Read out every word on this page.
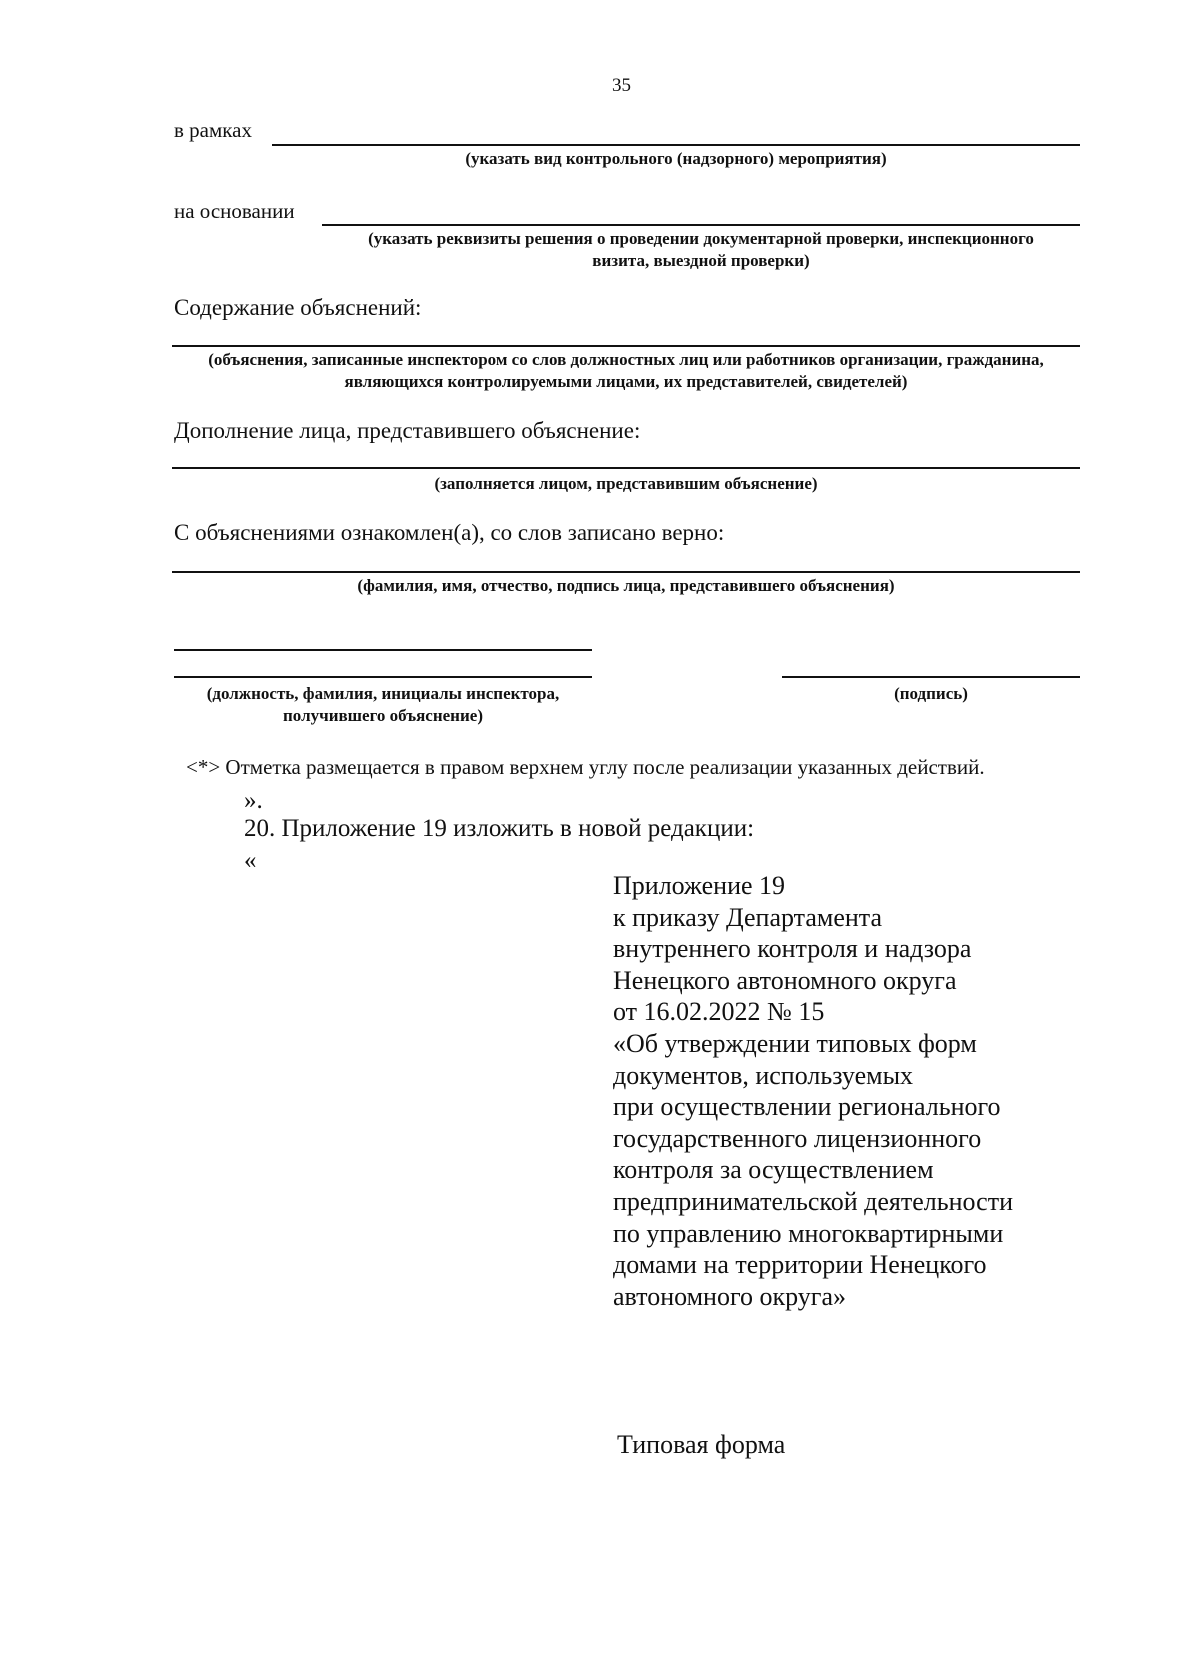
35
в рамках
(указать вид контрольного (надзорного) мероприятия)
на основании
(указать реквизиты решения о проведении документарной проверки, инспекционного
визита, выездной проверки)
Содержание объяснений:
(объяснения, записанные инспектором со слов должностных лиц или работников организации, гражданина,
являющихся контролируемыми лицами, их представителей, свидетелей)
Дополнение лица, представившего объяснение:
(заполняется лицом, представившим объяснение)
С объяснениями ознакомлен(а), со слов записано верно:
(фамилия, имя, отчество, подпись лица, представившего объяснения)
(должность, фамилия, инициалы инспектора,
получившего объяснение)
(подпись)
<*> Отметка размещается в правом верхнем углу после реализации указанных действий.
».
20. Приложение 19 изложить в новой редакции:
«
Приложение 19
к приказу Департамента
внутреннего контроля и надзора
Ненецкого автономного округа
от 16.02.2022 № 15
«Об утверждении типовых форм
документов, используемых
при осуществлении регионального
государственного лицензионного
контроля за осуществлением
предпринимательской деятельности
по управлению многоквартирными
домами на территории Ненецкого
автономного округа»
Типовая форма
